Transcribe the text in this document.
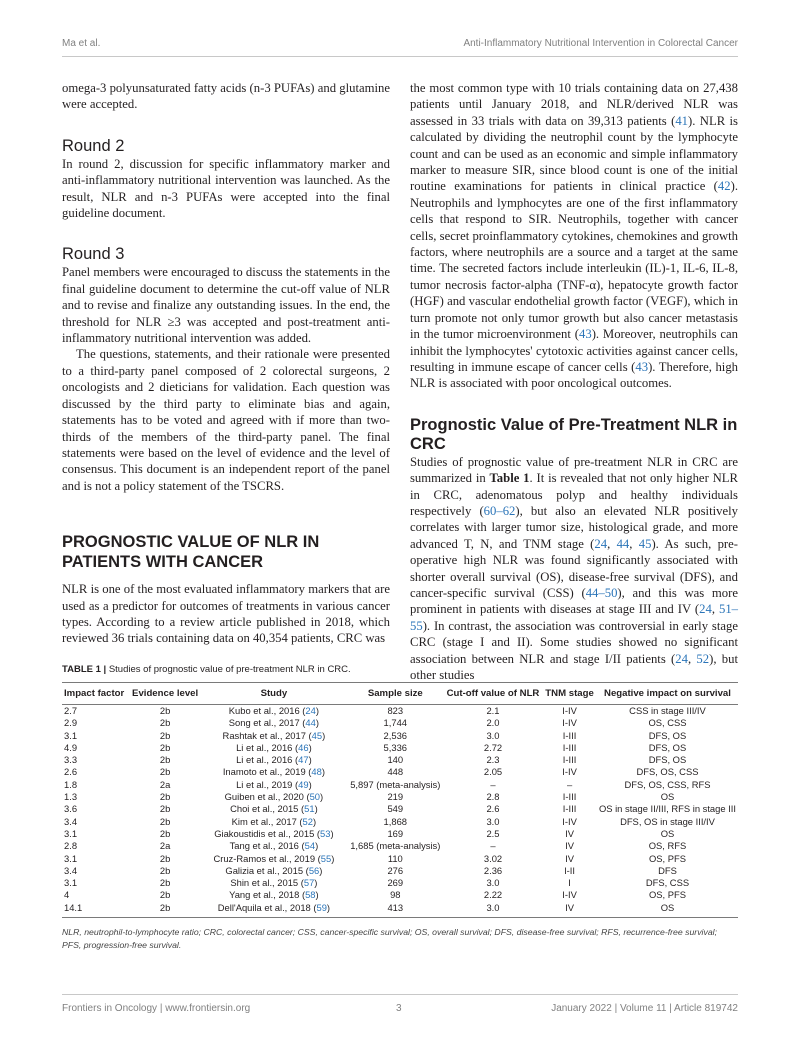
Ma et al.	Anti-Inflammatory Nutritional Intervention in Colorectal Cancer

omega-3 polyunsaturated fatty acids (n-3 PUFAs) and glutamine were accepted.

Round 2

In round 2, discussion for specific inflammatory marker and anti-inflammatory nutritional intervention was launched. As the result, NLR and n-3 PUFAs were accepted into the final guideline document.

Round 3

Panel members were encouraged to discuss the statements in the final guideline document to determine the cut-off value of NLR and to revise and finalize any outstanding issues. In the end, the threshold for NLR ≥3 was accepted and post-treatment anti-inflammatory nutritional intervention was added.

The questions, statements, and their rationale were presented to a third-party panel composed of 2 colorectal surgeons, 2 oncologists and 2 dieticians for validation. Each question was discussed by the third party to eliminate bias and again, statements has to be voted and agreed with if more than two-thirds of the members of the third-party panel. The final statements were based on the level of evidence and the level of consensus. This document is an independent report of the panel and is not a policy statement of the TSCRS.

PROGNOSTIC VALUE OF NLR IN PATIENTS WITH CANCER

NLR is one of the most evaluated inflammatory markers that are used as a predictor for outcomes of treatments in various cancer types. According to a review article published in 2018, which reviewed 36 trials containing data on 40,354 patients, CRC was

the most common type with 10 trials containing data on 27,438 patients until January 2018, and NLR/derived NLR was assessed in 33 trials with data on 39,313 patients (41). NLR is calculated by dividing the neutrophil count by the lymphocyte count and can be used as an economic and simple inflammatory marker to measure SIR, since blood count is one of the initial routine examinations for patients in clinical practice (42). Neutrophils and lymphocytes are one of the first inflammatory cells that respond to SIR. Neutrophils, together with cancer cells, secret proinflammatory cytokines, chemokines and growth factors, where neutrophils are a source and a target at the same time. The secreted factors include interleukin (IL)-1, IL-6, IL-8, tumor necrosis factor-alpha (TNF-α), hepatocyte growth factor (HGF) and vascular endothelial growth factor (VEGF), which in turn promote not only tumor growth but also cancer metastasis in the tumor microenvironment (43). Moreover, neutrophils can inhibit the lymphocytes' cytotoxic activities against cancer cells, resulting in immune escape of cancer cells (43). Therefore, high NLR is associated with poor oncological outcomes.

Prognostic Value of Pre-Treatment NLR in CRC

Studies of prognostic value of pre-treatment NLR in CRC are summarized in Table 1. It is revealed that not only higher NLR in CRC, adenomatous polyp and healthy individuals respectively (60–62), but also an elevated NLR positively correlates with larger tumor size, histological grade, and more advanced T, N, and TNM stage (24, 44, 45). As such, pre-operative high NLR was found significantly associated with shorter overall survival (OS), disease-free survival (DFS), and cancer-specific survival (CSS) (44–50), and this was more prominent in patients with diseases at stage III and IV (24, 51–55). In contrast, the association was controversial in early stage CRC (stage I and II). Some studies showed no significant association between NLR and stage I/II patients (24, 52), but other studies

TABLE 1 | Studies of prognostic value of pre-treatment NLR in CRC.

Impact factor	Evidence level	Study	Sample size	Cut-off value of NLR	TNM stage	Negative impact on survival
2.7	2b	Kubo et al., 2016 (24)	823	2.1	I-IV	CSS in stage III/IV
2.9	2b	Song et al., 2017 (44)	1,744	2.0	I-IV	OS, CSS
3.1	2b	Rashtak et al., 2017 (45)	2,536	3.0	I-III	DFS, OS
4.9	2b	Li et al., 2016 (46)	5,336	2.72	I-III	DFS, OS
3.3	2b	Li et al., 2016 (47)	140	2.3	I-III	DFS, OS
2.6	2b	Inamoto et al., 2019 (48)	448	2.05	I-IV	DFS, OS, CSS
1.8	2a	Li et al., 2019 (49)	5,897 (meta-analysis)	–	–	DFS, OS, CSS, RFS
1.3	2b	Guiben et al., 2020 (50)	219	2.8	I-III	OS
3.6	2b	Choi et al., 2015 (51)	549	2.6	I-III	OS in stage II/III, RFS in stage III
3.4	2b	Kim et al., 2017 (52)	1,868	3.0	I-IV	DFS, OS in stage III/IV
3.1	2b	Giakoustidis et al., 2015 (53)	169	2.5	IV	OS
2.8	2a	Tang et al., 2016 (54)	1,685 (meta-analysis)	–	IV	OS, RFS
3.1	2b	Cruz-Ramos et al., 2019 (55)	110	3.02	IV	OS, PFS
3.4	2b	Galizia et al., 2015 (56)	276	2.36	I-II	DFS
3.1	2b	Shin et al., 2015 (57)	269	3.0	I	DFS, CSS
4	2b	Yang et al., 2018 (58)	98	2.22	I-IV	OS, PFS
14.1	2b	Dell'Aquila et al., 2018 (59)	413	3.0	IV	OS
NLR, neutrophil-to-lymphocyte ratio; CRC, colorectal cancer; CSS, cancer-specific survival; OS, overall survival; DFS, disease-free survival; RFS, recurrence-free survival; PFS, progression-free survival.
Frontiers in Oncology | www.frontiersin.org	3	January 2022 | Volume 11 | Article 819742
